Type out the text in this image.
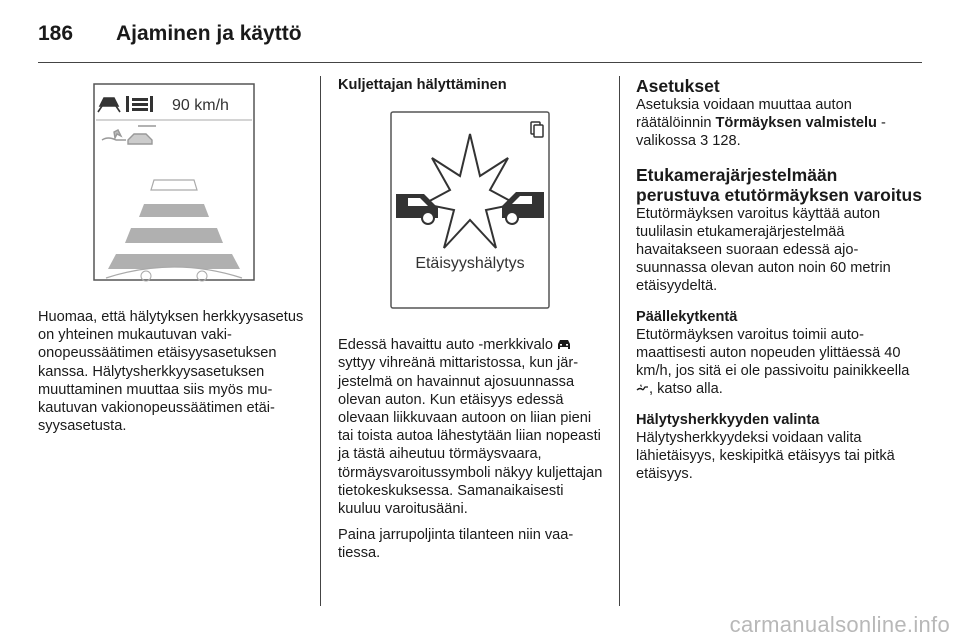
186	Ajaminen ja käyttö
90 km/h

Huomaa, että hälytyksen herkkyysasetus on yhteinen mukautuvan vakionopeussäätimen etäisyysasetuksen kanssa. Hälytysherkkyysasetuksen muuttaminen muuttaa siis myös mukautuvan vakionopeussäätimen etäisyysasetusta.

Kuljettajan hälyttäminen

Etäisyyshälytys

Edessä havaittu auto -merkkivalo  syttyy vihreänä mittaristossa, kun järjestelmä on havainnut ajosuunnassa olevan auton. Kun etäisyys edessä olevaan liikkuvaan autoon on liian pieni tai toista autoa lähestytään liian nopeasti ja tästä aiheutuu törmäysvaara, törmäysvaroitussymboli näkyy kuljettajan tietokeskuksessa. Samanaikaisesti kuuluu varoitusääni.

Paina jarrupoljinta tilanteen niin vaatiessa.

Asetukset

Asetuksia voidaan muuttaa auton räätälöinnin Törmäyksen valmistelu -valikossa 3 128.

Etukamerajärjestelmään perustuva etutörmäyksen varoitus

Etutörmäyksen varoitus käyttää auton tuulilasin etukamerajärjestelmää havaitakseen suoraan edessä ajosuunnassa olevan auton noin 60 metrin etäisyydeltä.

Päällekytkentä

Etutörmäyksen varoitus toimii automaattisesti auton nopeuden ylittäessä 40 km/h, jos sitä ei ole passivoitu painikkeella , katso alla.

Hälytysherkkyyden valinta

Hälytysherkkyydeksi voidaan valita lähietäisyys, keskipitkä etäisyys tai pitkä etäisyys.

carmanualsonline.info
